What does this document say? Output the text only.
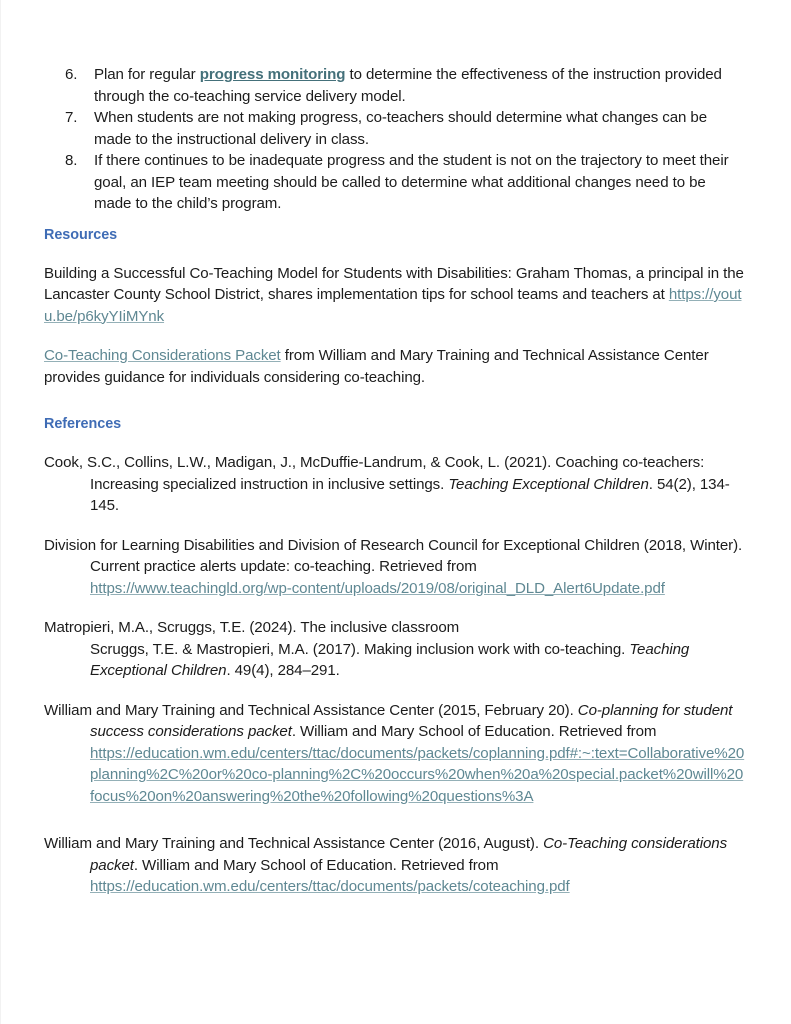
6.	Plan for regular progress monitoring to determine the effectiveness of the instruction provided through the co-teaching service delivery model.
7.	When students are not making progress, co-teachers should determine what changes can be made to the instructional delivery in class.
8.	If there continues to be inadequate progress and the student is not on the trajectory to meet their goal, an IEP team meeting should be called to determine what additional changes need to be made to the child’s program.
Resources

Building a Successful Co-Teaching Model for Students with Disabilities: Graham Thomas, a principal in the Lancaster County School District, shares implementation tips for school teams and teachers at https://youtu.be/p6kyYIiMYnk

Co-Teaching Considerations Packet from William and Mary Training and Technical Assistance Center provides guidance for individuals considering co-teaching.

References

Cook, S.C., Collins, L.W., Madigan, J., McDuffie-Landrum, & Cook, L. (2021). Coaching co-teachers: Increasing specialized instruction in inclusive settings. Teaching Exceptional Children. 54(2), 134-145.

Division for Learning Disabilities and Division of Research Council for Exceptional Children (2018, Winter). Current practice alerts update: co-teaching. Retrieved from
https://www.teachingld.org/wp-content/uploads/2019/08/original_DLD_Alert6Update.pdf

Matropieri, M.A., Scruggs, T.E. (2024). The inclusive classroom
Scruggs, T.E. & Mastropieri, M.A. (2017). Making inclusion work with co-teaching. Teaching Exceptional Children. 49(4), 284–291.

William and Mary Training and Technical Assistance Center (2015, February 20). Co-planning for student success considerations packet. William and Mary School of Education. Retrieved from
https://education.wm.edu/centers/ttac/documents/packets/coplanning.pdf#:~:text=Collaborative%20planning%2C%20or%20co-planning%2C%20occurs%20when%20a%20special.packet%20will%20focus%20on%20answering%20the%20following%20questions%3A

William and Mary Training and Technical Assistance Center (2016, August). Co-Teaching considerations packet. William and Mary School of Education. Retrieved from
https://education.wm.edu/centers/ttac/documents/packets/coteaching.pdf
